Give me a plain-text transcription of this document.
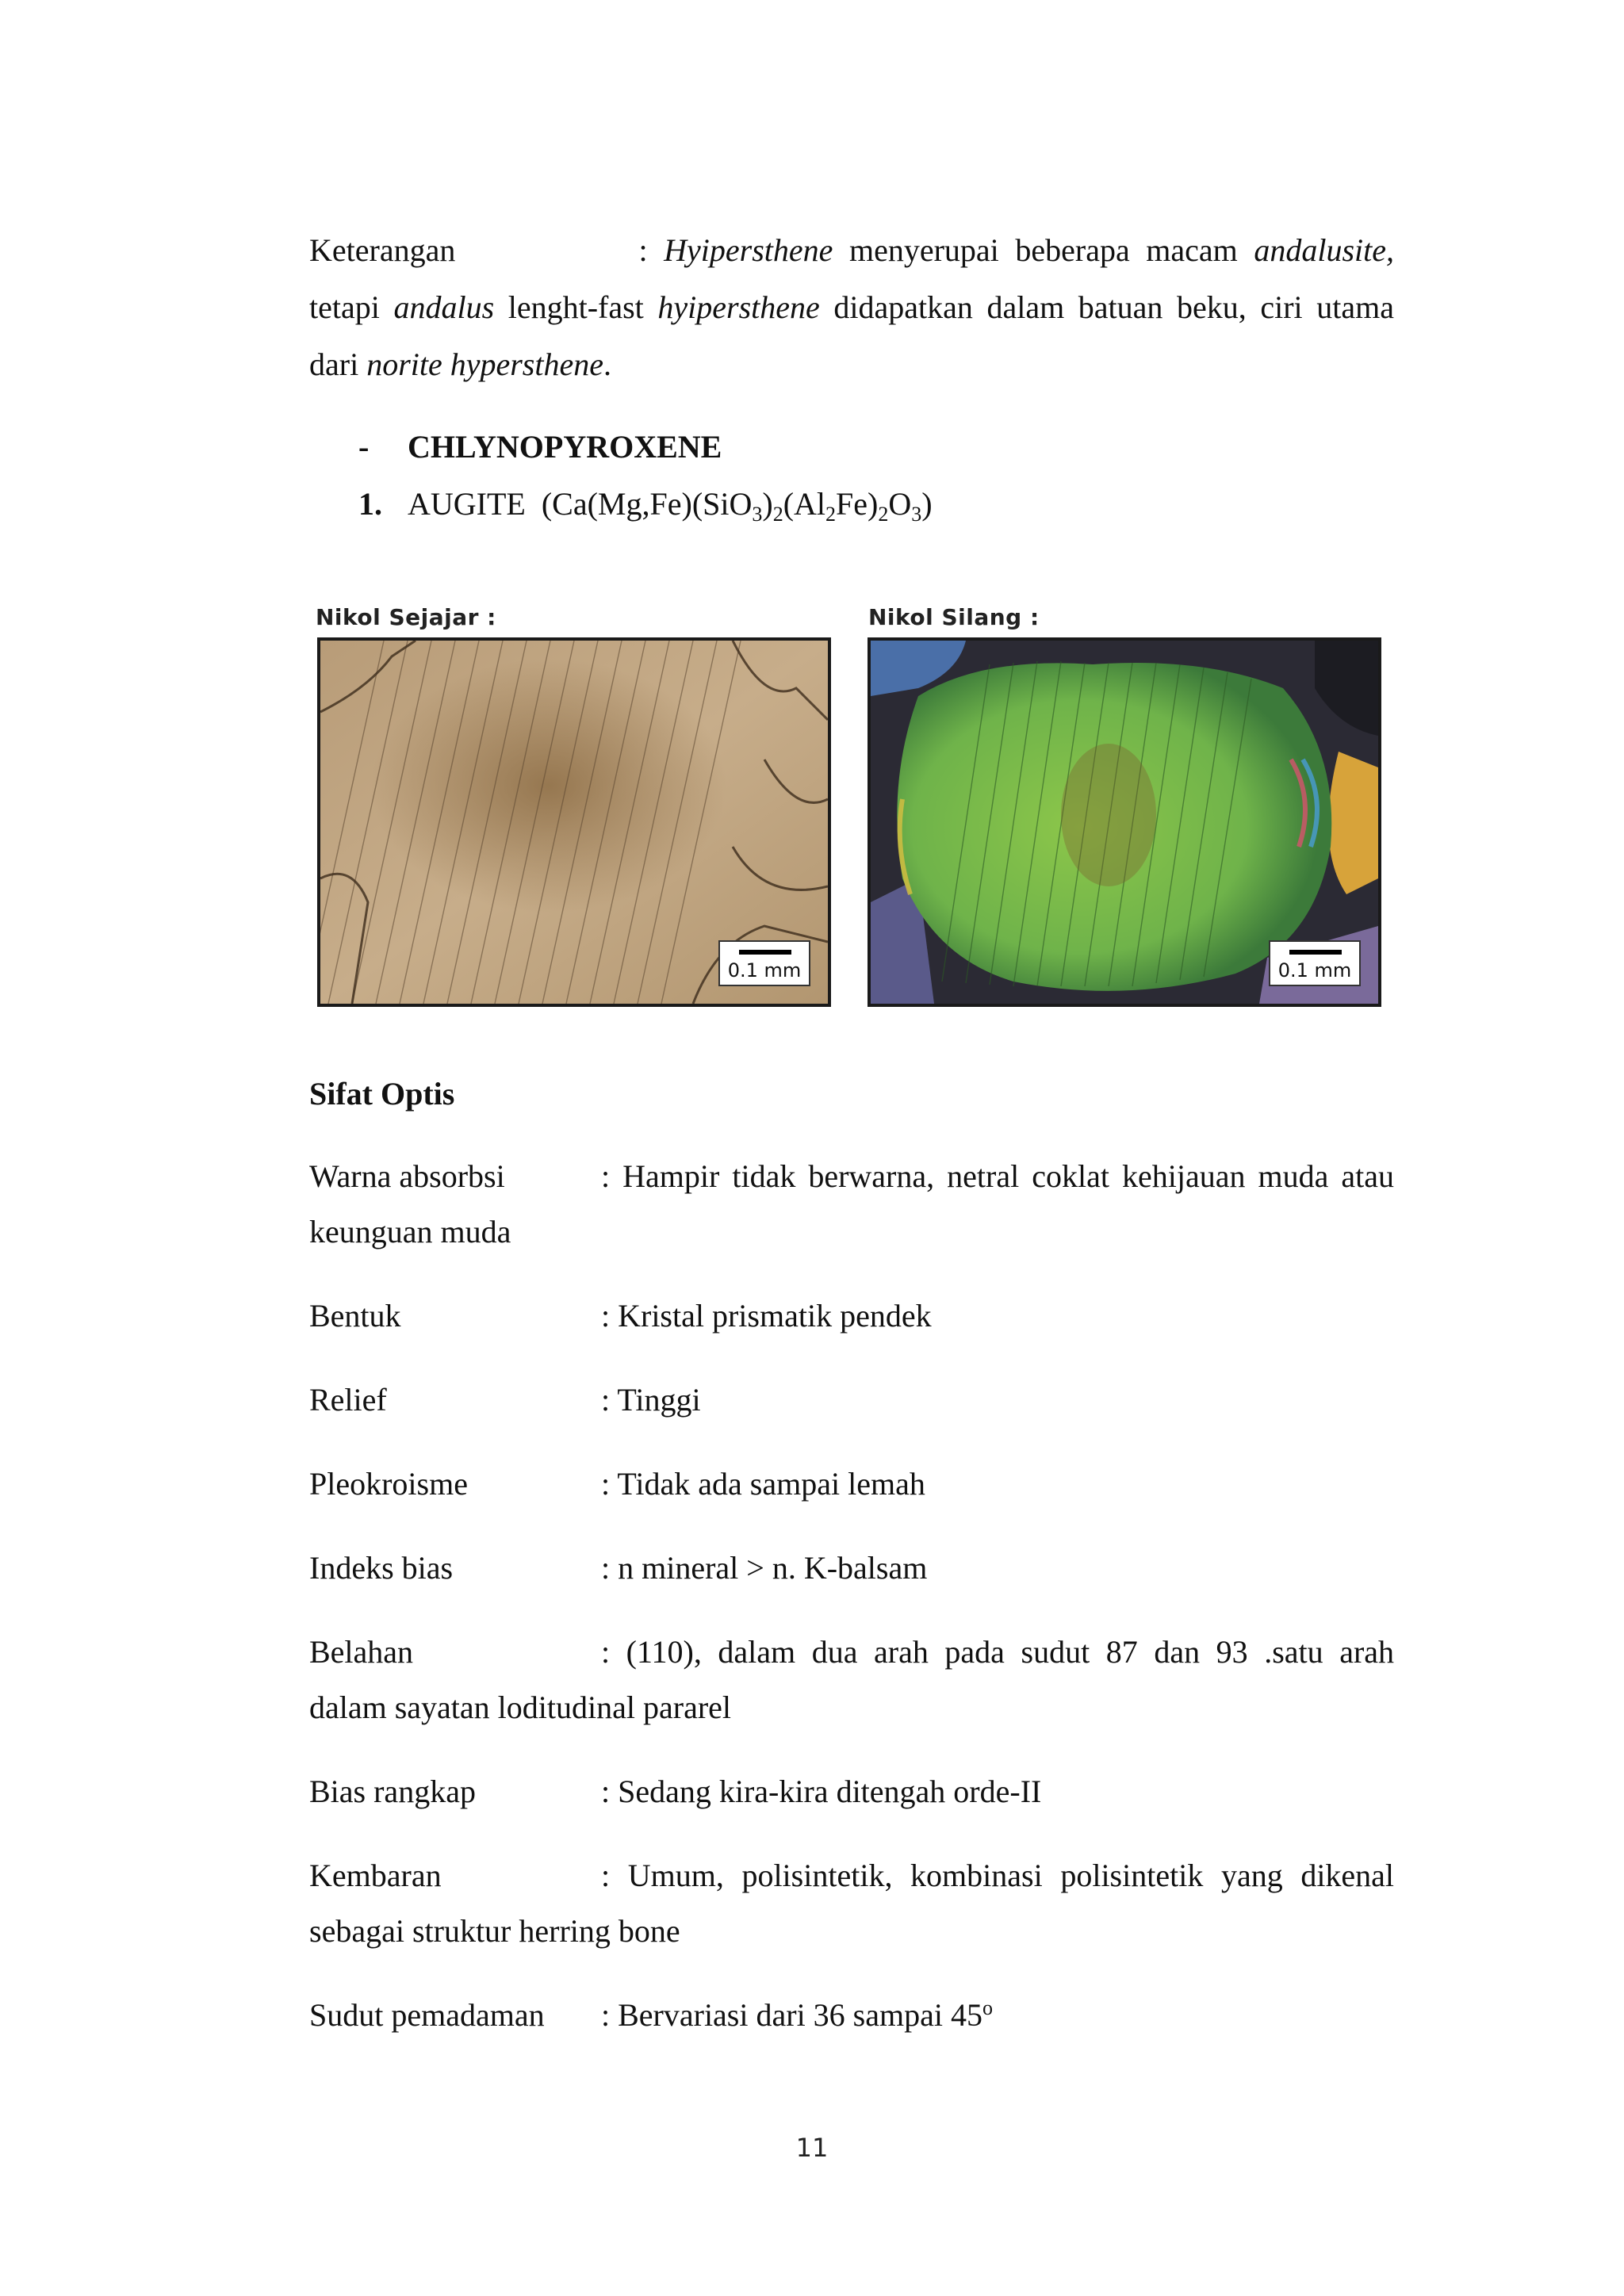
Keterangan	: Hyipersthene menyerupai beberapa macam andalusite,
tetapi andalus lenght-fast hyipersthene didapatkan dalam batuan beku, ciri utama
dari norite hypersthene.
- CHLYNOPYROXENE
1. AUGITE $(Ca(Mg,Fe)(SiO_3)_2(Al_2Fe)_2O_3)$
Nikol Sejajar :
0.1 mm
Nikol Silang :
0.1 mm
Sifat Optis
Warna absorbsi	: Hampir tidak berwarna, netral coklat kehijauan muda atau
keunguan muda
Bentuk	: Kristal prismatik pendek
Relief	: Tinggi
Pleokroisme	: Tidak ada sampai lemah
Indeks bias	: n mineral > n. K-balsam
Belahan	: (110), dalam dua arah pada sudut 87 dan 93 .satu arah
dalam sayatan loditudinal pararel
Bias rangkap	: Sedang kira-kira ditengah orde-II
Kembaran	: Umum, polisintetik, kombinasi polisintetik yang dikenal
sebagai struktur herring bone
Sudut pemadaman : Bervariasi dari 36 sampai 45$^o$
11
